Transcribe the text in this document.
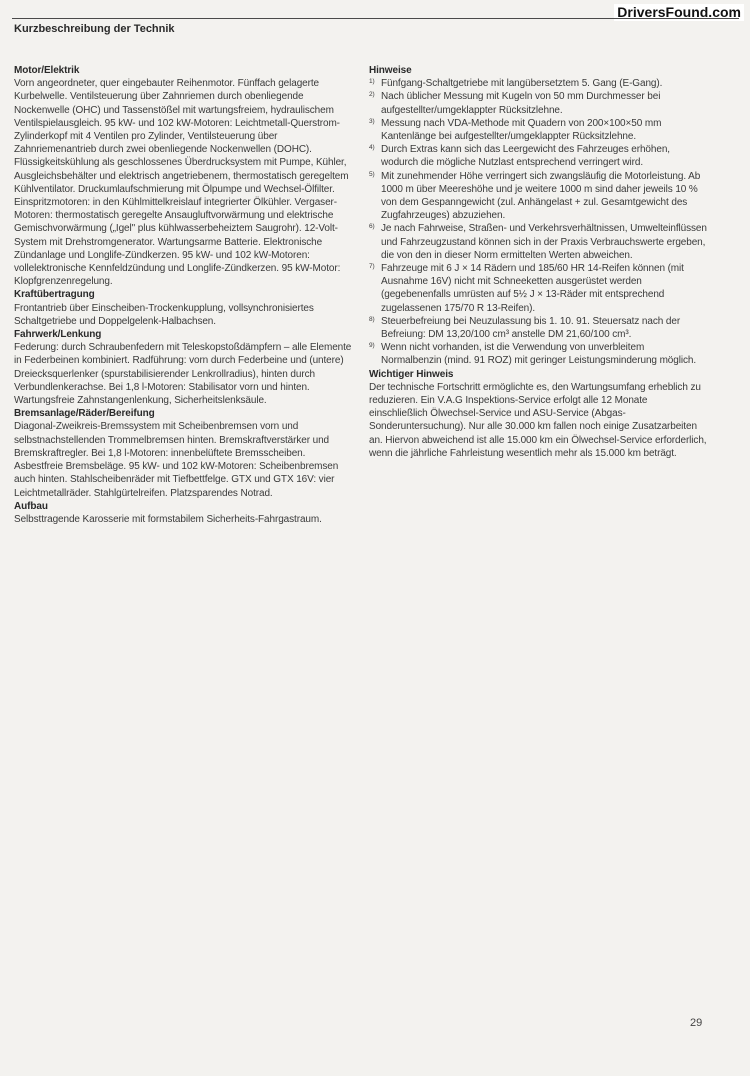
DriversFound.com
Kurzbeschreibung der Technik
Motor/Elektrik

Vorn angeordneter, quer eingebauter Reihenmotor. Fünffach gelagerte Kurbelwelle. Ventilsteuerung über Zahnriemen durch obenliegende Nockenwelle (OHC) und Tassenstößel mit wartungsfreiem, hydraulischem Ventilspielausgleich. 95 kW- und 102 kW-Motoren: Leichtmetall-Querstrom-Zylinderkopf mit 4 Ventilen pro Zylinder, Ventilsteuerung über Zahnriemenantrieb durch zwei obenliegende Nockenwellen (DOHC). Flüssigkeitskühlung als geschlossenes Überdrucksystem mit Pumpe, Kühler, Ausgleichsbehälter und elektrisch angetriebenem, thermostatisch geregeltem Kühlventilator. Druckumlaufschmierung mit Ölpumpe und Wechsel-Ölfilter. Einspritzmotoren: in den Kühlmittelkreislauf integrierter Ölkühler. Vergaser-Motoren: thermostatisch geregelte Ansaugluftvorwärmung und elektrische Gemischvorwärmung („Igel" plus kühlwasserbeheiztem Saugrohr). 12-Volt-System mit Drehstromgenerator. Wartungsarme Batterie. Elektronische Zündanlage und Longlife-Zündkerzen. 95 kW- und 102 kW-Motoren: vollelektronische Kennfeldzündung und Longlife-Zündkerzen. 95 kW-Motor: Klopfgrenzenregelung.

Kraftübertragung

Frontantrieb über Einscheiben-Trockenkupplung, vollsynchronisiertes Schaltgetriebe und Doppelgelenk-Halbachsen.

Fahrwerk/Lenkung

Federung: durch Schraubenfedern mit Teleskopstoßdämpfern – alle Elemente in Federbeinen kombiniert. Radführung: vorn durch Federbeine und (untere) Dreiecksquerlenker (spurstabilisierender Lenkrollradius), hinten durch Verbundlenkerachse. Bei 1,8 l-Motoren: Stabilisator vorn und hinten. Wartungsfreie Zahnstangenlenkung, Sicherheitslenksäule.

Bremsanlage/Räder/Bereifung

Diagonal-Zweikreis-Bremssystem mit Scheibenbremsen vorn und selbstnachstellenden Trommelbremsen hinten. Bremskraftverstärker und Bremskraftregler. Bei 1,8 l-Motoren: innenbelüftete Bremsscheiben. Asbestfreie Bremsbeläge. 95 kW- und 102 kW-Motoren: Scheibenbremsen auch hinten. Stahlscheibenräder mit Tiefbettfelge. GTX und GTX 16V: vier Leichtmetallräder. Stahlgürtelreifen. Platzsparendes Notrad.

Aufbau

Selbsttragende Karosserie mit formstabilem Sicherheits-Fahrgastraum.

Hinweise
1) Fünfgang-Schaltgetriebe mit langübersetztem 5. Gang (E-Gang).
2) Nach üblicher Messung mit Kugeln von 50 mm Durchmesser bei aufgestellter/umgeklappter Rücksitzlehne.
3) Messung nach VDA-Methode mit Quadern von 200×100×50 mm Kantenlänge bei aufgestellter/umgeklappter Rücksitzlehne.
4) Durch Extras kann sich das Leergewicht des Fahrzeuges erhöhen, wodurch die mögliche Nutzlast entsprechend verringert wird.
5) Mit zunehmender Höhe verringert sich zwangsläufig die Motorleistung. Ab 1000 m über Meereshöhe und je weitere 1000 m sind daher jeweils 10 % von dem Gespanngewicht (zul. Anhängelast + zul. Gesamtgewicht des Zugfahrzeuges) abzuziehen.
6) Je nach Fahrweise, Straßen- und Verkehrsverhältnissen, Umwelteinflüssen und Fahrzeugzustand können sich in der Praxis Verbrauchswerte ergeben, die von den in dieser Norm ermittelten Werten abweichen.
7) Fahrzeuge mit 6 J × 14 Rädern und 185/60 HR 14-Reifen können (mit Ausnahme 16V) nicht mit Schneeketten ausgerüstet werden (gegebenenfalls umrüsten auf 5½ J × 13-Räder mit entsprechend zugelassenen 175/70 R 13-Reifen).
8) Steuerbefreiung bei Neuzulassung bis 1. 10. 91. Steuersatz nach der Befreiung: DM 13,20/100 cm³ anstelle DM 21,60/100 cm³.
9) Wenn nicht vorhanden, ist die Verwendung von unverbleitem Normalbenzin (mind. 91 ROZ) mit geringer Leistungsminderung möglich.
Wichtiger Hinweis

Der technische Fortschritt ermöglichte es, den Wartungsumfang erheblich zu reduzieren. Ein V.A.G Inspektions-Service erfolgt alle 12 Monate einschließlich Ölwechsel-Service und ASU-Service (Abgas-Sonderuntersuchung). Nur alle 30.000 km fallen noch einige Zusatzarbeiten an. Hiervon abweichend ist alle 15.000 km ein Ölwechsel-Service erforderlich, wenn die jährliche Fahrleistung wesentlich mehr als 15.000 km beträgt.

29
